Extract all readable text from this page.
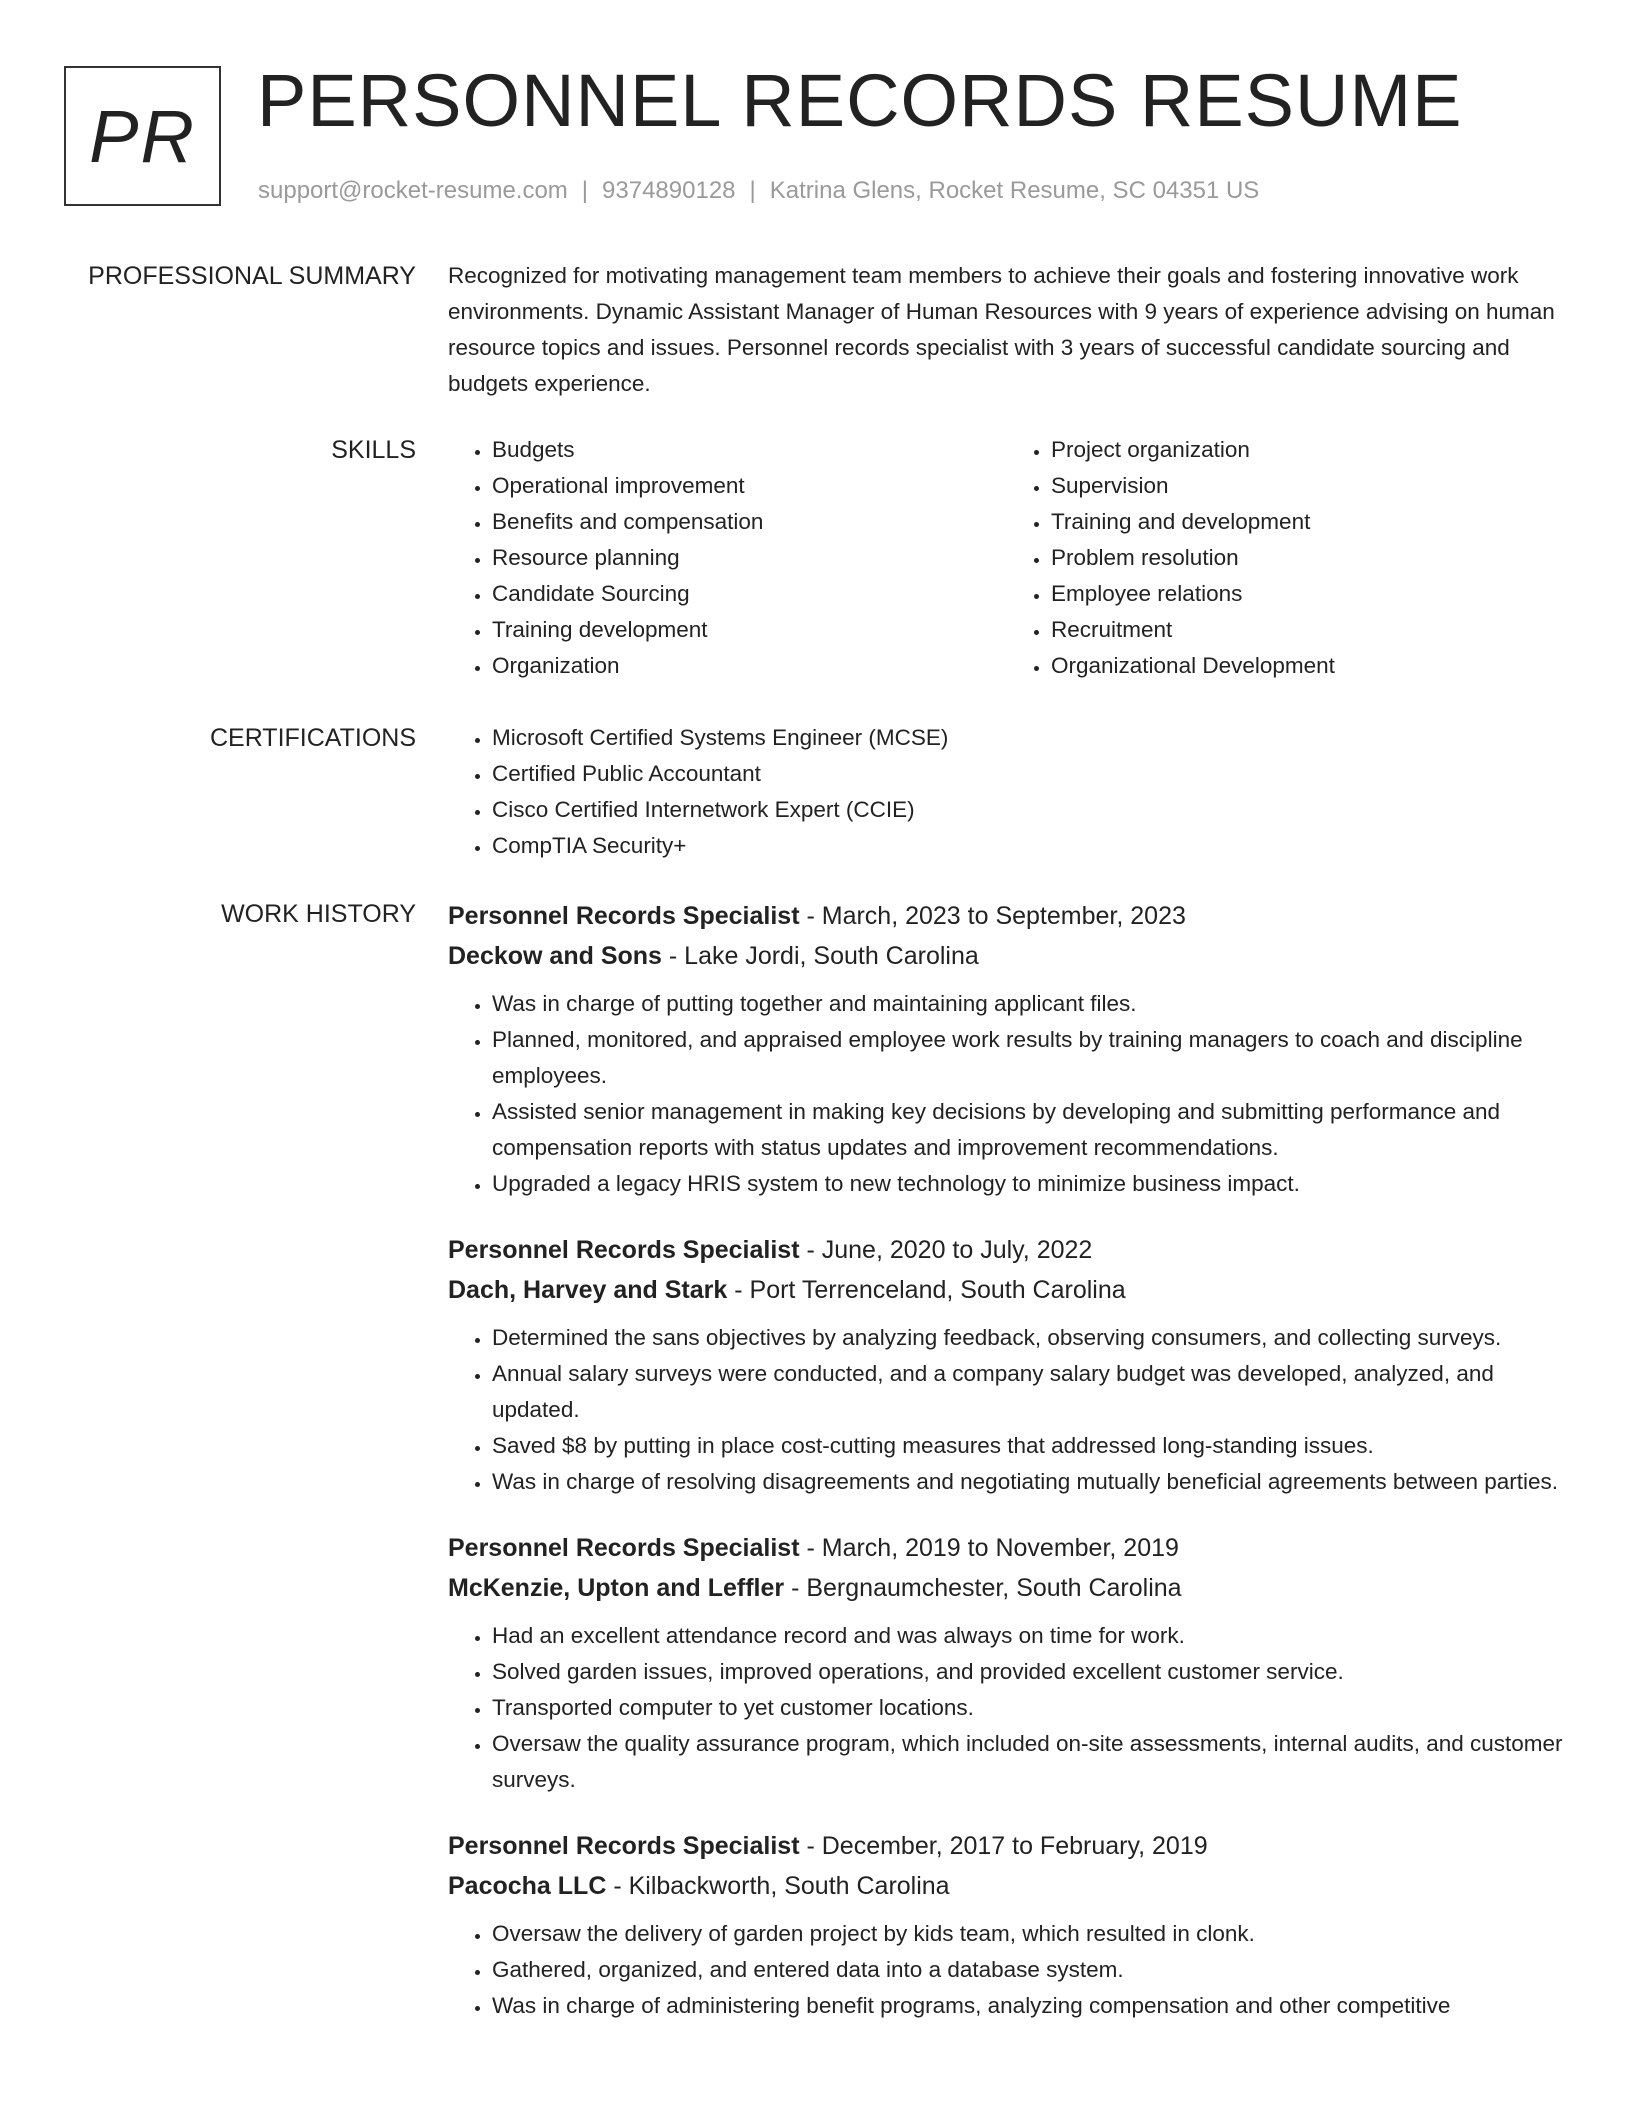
PR PERSONNEL RECORDS RESUME
support@rocket-resume.com | 9374890128 | Katrina Glens, Rocket Resume, SC 04351 US
PROFESSIONAL SUMMARY Recognized for motivating management team members to achieve their goals and fostering innovative work environments. Dynamic Assistant Manager of Human Resources with 9 years of experience advising on human resource topics and issues. Personnel records specialist with 3 years of successful candidate sourcing and budgets experience.

SKILLS	• Budgets
• Operational improvement
• Benefits and compensation
• Resource planning
• Candidate Sourcing
• Training development
• Organization
• Project organization
• Supervision
• Training and development
• Problem resolution
• Employee relations
• Recruitment
• Organizational Development
CERTIFICATIONS	• Microsoft Certified Systems Engineer (MCSE)
• Certified Public Accountant
• Cisco Certified Internetwork Expert (CCIE)
• CompTIA Security+
WORK HISTORY Personnel Records Specialist - March, 2023 to September, 2023
Deckow and Sons - Lake Jordi, South Carolina
• Was in charge of putting together and maintaining applicant files.
• Planned, monitored, and appraised employee work results by training managers to coach and discipline employees.
• Assisted senior management in making key decisions by developing and submitting performance and compensation reports with status updates and improvement recommendations.
• Upgraded a legacy HRIS system to new technology to minimize business impact.
Personnel Records Specialist - June, 2020 to July, 2022
Dach, Harvey and Stark - Port Terrenceland, South Carolina
• Determined the sans objectives by analyzing feedback, observing consumers, and collecting surveys.
• Annual salary surveys were conducted, and a company salary budget was developed, analyzed, and updated.
• Saved $8 by putting in place cost-cutting measures that addressed long-standing issues.
• Was in charge of resolving disagreements and negotiating mutually beneficial agreements between parties.
Personnel Records Specialist - March, 2019 to November, 2019
McKenzie, Upton and Leffler - Bergnaumchester, South Carolina
• Had an excellent attendance record and was always on time for work.
• Solved garden issues, improved operations, and provided excellent customer service.
• Transported computer to yet customer locations.
• Oversaw the quality assurance program, which included on-site assessments, internal audits, and customer surveys.
Personnel Records Specialist - December, 2017 to February, 2019
Pacocha LLC - Kilbackworth, South Carolina
• Oversaw the delivery of garden project by kids team, which resulted in clonk.
• Gathered, organized, and entered data into a database system.
• Was in charge of administering benefit programs, analyzing compensation and other competitive
